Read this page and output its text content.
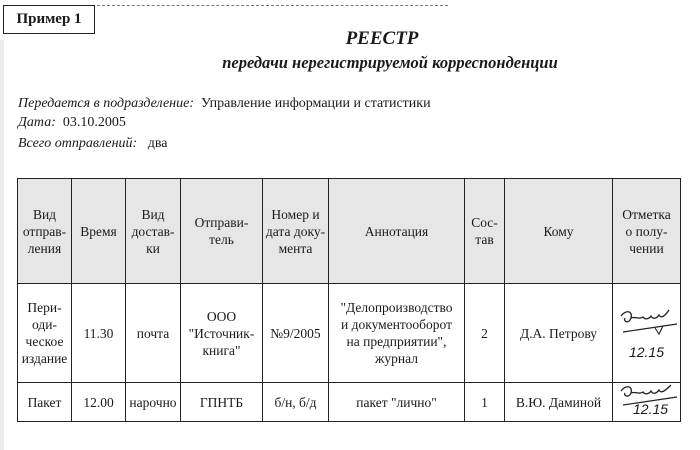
Пример 1
РЕЕСТР
передачи нерегистрируемой корреспонденции
Передается в подразделение: Управление информации и статистики
Дата: 03.10.2005
Всего отправлений: два
Вид
отправ-
ления	Время	Вид
достав-
ки	Отправи-
тель	Номер и
дата доку-
мента	Аннотация	Сос-
тав	Кому	Отметка
о полу-
чении
Пери-
оди-
ческое
издание	11.30	почта	ООО
"Источник-
книга"	№9/2005	"Делопроизводство
и документооборот
на предприятии",
журнал	2	Д.А. Петрову	12.15

Пакет	12.00	нарочно	ГПНТБ	б/н, б/д	пакет "лично"	1	В.Ю. Даминой	12.15
